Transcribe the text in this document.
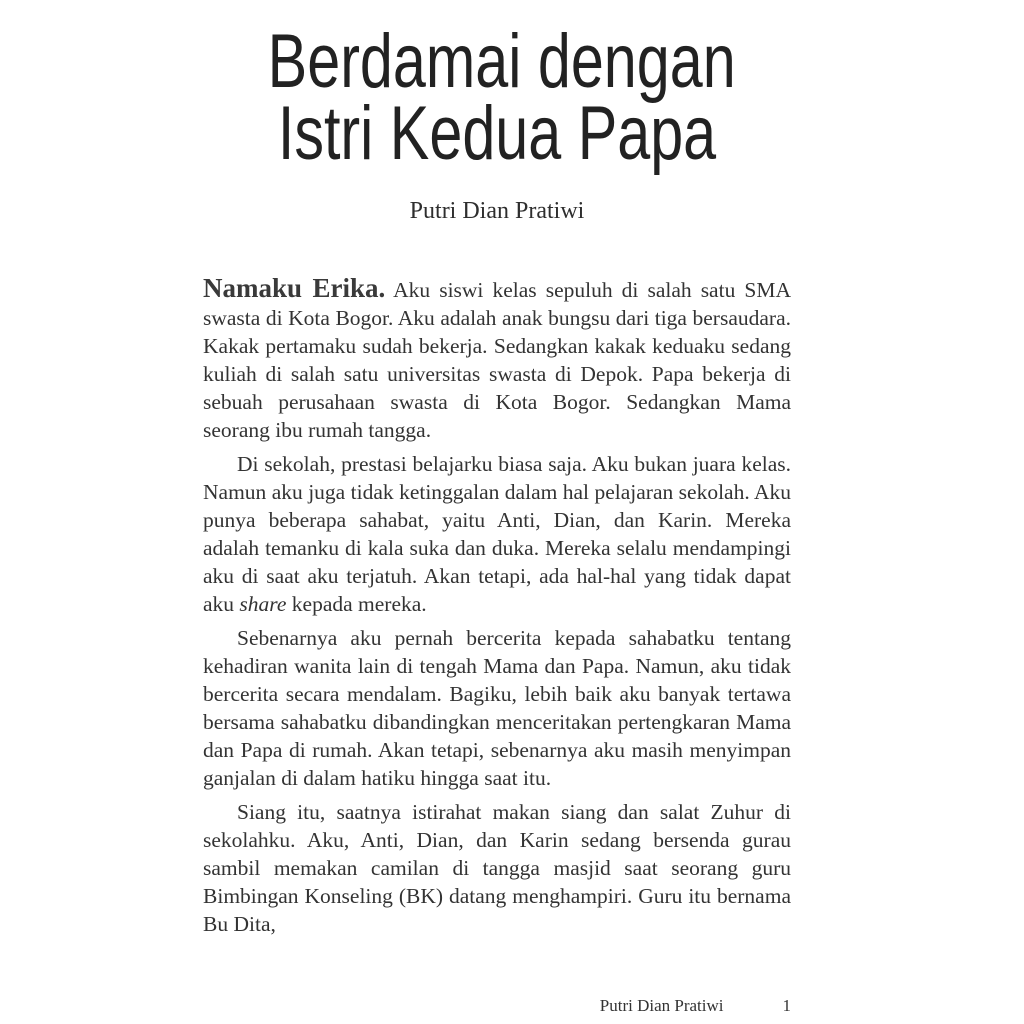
Berdamai dengan
Istri Kedua Papa
Putri Dian Pratiwi

Namaku Erika. Aku siswi kelas sepuluh di salah satu SMA swasta di Kota Bogor. Aku adalah anak bungsu dari tiga bersaudara. Kakak pertamaku sudah bekerja. Sedangkan kakak keduaku sedang kuliah di salah satu universitas swasta di Depok. Papa bekerja di sebuah perusahaan swasta di Kota Bogor. Sedangkan Mama seorang ibu rumah tangga.

Di sekolah, prestasi belajarku biasa saja. Aku bukan juara kelas. Namun aku juga tidak ketinggalan dalam hal pelajaran sekolah. Aku punya beberapa sahabat, yaitu Anti, Dian, dan Karin. Mereka adalah temanku di kala suka dan duka. Mereka selalu mendampingi aku di saat aku terjatuh. Akan tetapi, ada hal-hal yang tidak dapat aku share kepada mereka.

Sebenarnya aku pernah bercerita kepada sahabatku tentang kehadiran wanita lain di tengah Mama dan Papa. Namun, aku tidak bercerita secara mendalam. Bagiku, lebih baik aku banyak tertawa bersama sahabatku dibandingkan menceritakan pertengkaran Mama dan Papa di rumah. Akan tetapi, sebenarnya aku masih menyimpan ganjalan di dalam hatiku hingga saat itu.

Siang itu, saatnya istirahat makan siang dan salat Zuhur di sekolahku. Aku, Anti, Dian, dan Karin sedang bersenda gurau sambil memakan camilan di tangga masjid saat seorang guru Bimbingan Konseling (BK) datang menghampiri. Guru itu bernama Bu Dita,

Putri Dian Pratiwi	1
